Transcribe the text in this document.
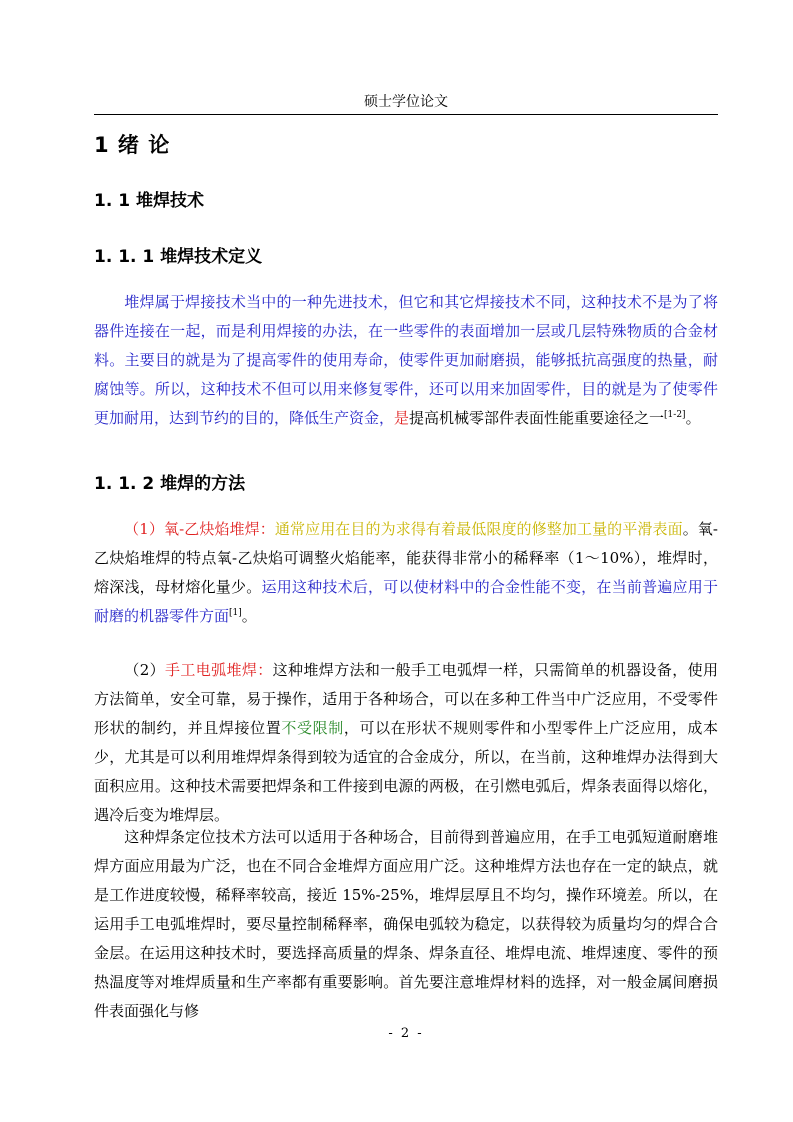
硕士学位论文
1 绪 论
1. 1 堆焊技术
1. 1. 1 堆焊技术定义

堆焊属于焊接技术当中的一种先进技术，但它和其它焊接技术不同，这种技术不是为了将器件连接在一起，而是利用焊接的办法，在一些零件的表面增加一层或几层特殊物质的合金材料。主要目的就是为了提高零件的使用寿命，使零件更加耐磨损，能够抵抗高强度的热量，耐腐蚀等。所以，这种技术不但可以用来修复零件，还可以用来加固零件，目的就是为了使零件更加耐用，达到节约的目的，降低生产资金，是提高机械零部件表面性能重要途径之一[1-2]。

1. 1. 2 堆焊的方法

（1）氧-乙炔焰堆焊：通常应用在目的为求得有着最低限度的修整加工量的平滑表面。氧-乙炔焰堆焊的特点氧-乙炔焰可调整火焰能率，能获得非常小的稀释率（1～10%），堆焊时，熔深浅，母材熔化量少。运用这种技术后，可以使材料中的合金性能不变，在当前普遍应用于耐磨的机器零件方面[1]。

（2）手工电弧堆焊：这种堆焊方法和一般手工电弧焊一样，只需简单的机器设备，使用方法简单，安全可靠，易于操作，适用于各种场合，可以在多种工件当中广泛应用，不受零件形状的制约，并且焊接位置不受限制，可以在形状不规则零件和小型零件上广泛应用，成本少，尤其是可以利用堆焊焊条得到较为适宜的合金成分，所以，在当前，这种堆焊办法得到大面积应用。这种技术需要把焊条和工件接到电源的两极，在引燃电弧后，焊条表面得以熔化，遇冷后变为堆焊层。

这种焊条定位技术方法可以适用于各种场合，目前得到普遍应用，在手工电弧短道耐磨堆焊方面应用最为广泛，也在不同合金堆焊方面应用广泛。这种堆焊方法也存在一定的缺点，就是工作进度较慢，稀释率较高，接近 15%-25%，堆焊层厚且不均匀，操作环境差。所以，在运用手工电弧堆焊时，要尽量控制稀释率，确保电弧较为稳定，以获得较为质量均匀的焊合合金层。在运用这种技术时，要选择高质量的焊条、焊条直径、堆焊电流、堆焊速度、零件的预热温度等对堆焊质量和生产率都有重要影响。首先要注意堆焊材料的选择，对一般金属间磨损件表面强化与修

- 2 -
